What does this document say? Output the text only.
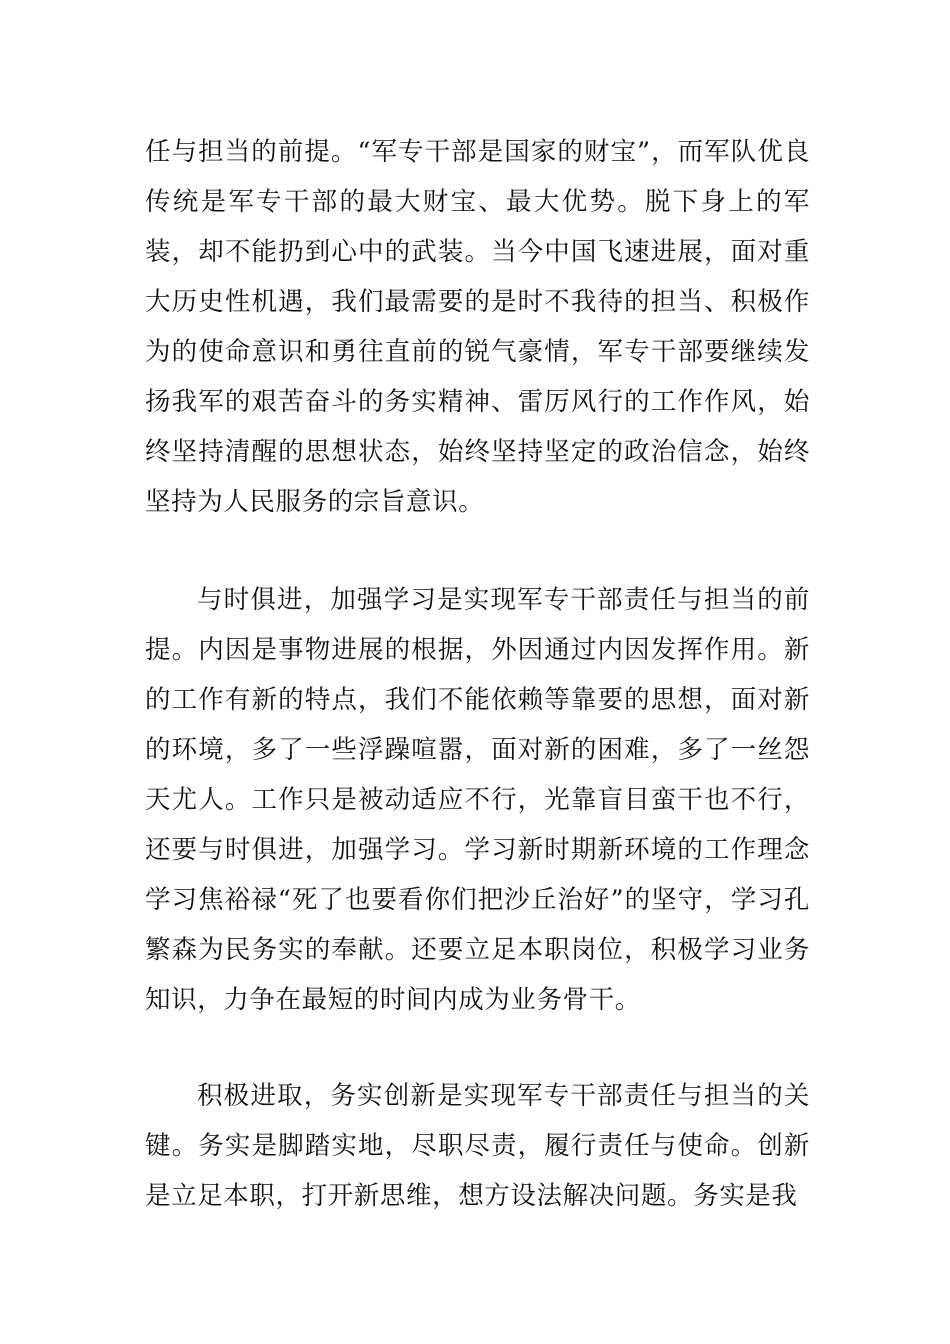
任与担当的前提。“军专干部是国家的财宝”，而军队优良传统是军专干部的最大财宝、最大优势。脱下身上的军装，却不能扔到心中的武装。当今中国飞速进展，面对重大历史性机遇，我们最需要的是时不我待的担当、积极作为的使命意识和勇往直前的锐气豪情，军专干部要继续发扬我军的艰苦奋斗的务实精神、雷厉风行的工作作风，始终坚持清醒的思想状态，始终坚持坚定的政治信念，始终坚持为人民服务的宗旨意识。

与时俱进，加强学习是实现军专干部责任与担当的前提。内因是事物进展的根据，外因通过内因发挥作用。新的工作有新的特点，我们不能依赖等靠要的思想，面对新的环境，多了一些浮躁喧嚣，面对新的困难，多了一丝怨天尤人。工作只是被动适应不行，光靠盲目蛮干也不行，还要与时俱进，加强学习。学习新时期新环境的工作理念学习焦裕禄“死了也要看你们把沙丘治好”的坚守，学习孔繁森为民务实的奉献。还要立足本职岗位，积极学习业务知识，力争在最短的时间内成为业务骨干。

积极进取，务实创新是实现军专干部责任与担当的关键。务实是脚踏实地，尽职尽责，履行责任与使命。创新是立足本职，打开新思维，想方设法解决问题。务实是我
